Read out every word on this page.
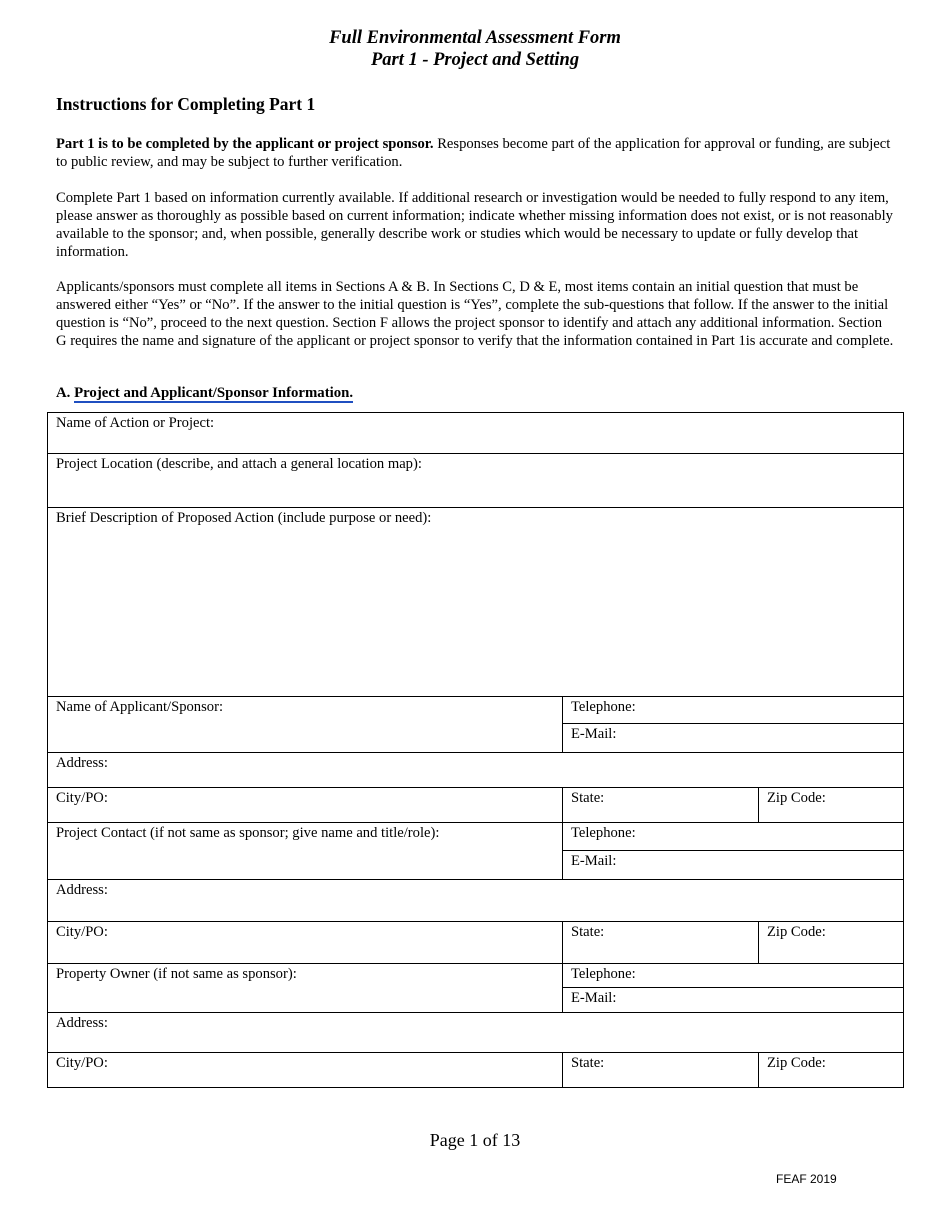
Full Environmental Assessment Form
Part 1 - Project and Setting
Instructions for Completing Part 1
Part 1 is to be completed by the applicant or project sponsor. Responses become part of the application for approval or funding, are subject to public review, and may be subject to further verification.
Complete Part 1 based on information currently available. If additional research or investigation would be needed to fully respond to any item, please answer as thoroughly as possible based on current information; indicate whether missing information does not exist, or is not reasonably available to the sponsor; and, when possible, generally describe work or studies which would be necessary to update or fully develop that information.
Applicants/sponsors must complete all items in Sections A & B. In Sections C, D & E, most items contain an initial question that must be answered either “Yes” or “No”. If the answer to the initial question is “Yes”, complete the sub-questions that follow. If the answer to the initial question is “No”, proceed to the next question. Section F allows the project sponsor to identify and attach any additional information. Section G requires the name and signature of the applicant or project sponsor to verify that the information contained in Part 1is accurate and complete.
A. Project and Applicant/Sponsor Information.
Name of Action or Project:		
Project Location (describe, and attach a general location map):		
Brief Description of Proposed Action (include purpose or need):		
Name of Applicant/Sponsor:	Telephone:	
	E-Mail:	
Address:		
City/PO:	State:	Zip Code:
Project Contact (if not same as sponsor; give name and title/role):	Telephone:	
	E-Mail:	
Address:		
City/PO:	State:	Zip Code:
Property Owner (if not same as sponsor):	Telephone:	
	E-Mail:	
Address:		
City/PO:	State:	Zip Code:
Page 1 of 13
FEAF 2019
